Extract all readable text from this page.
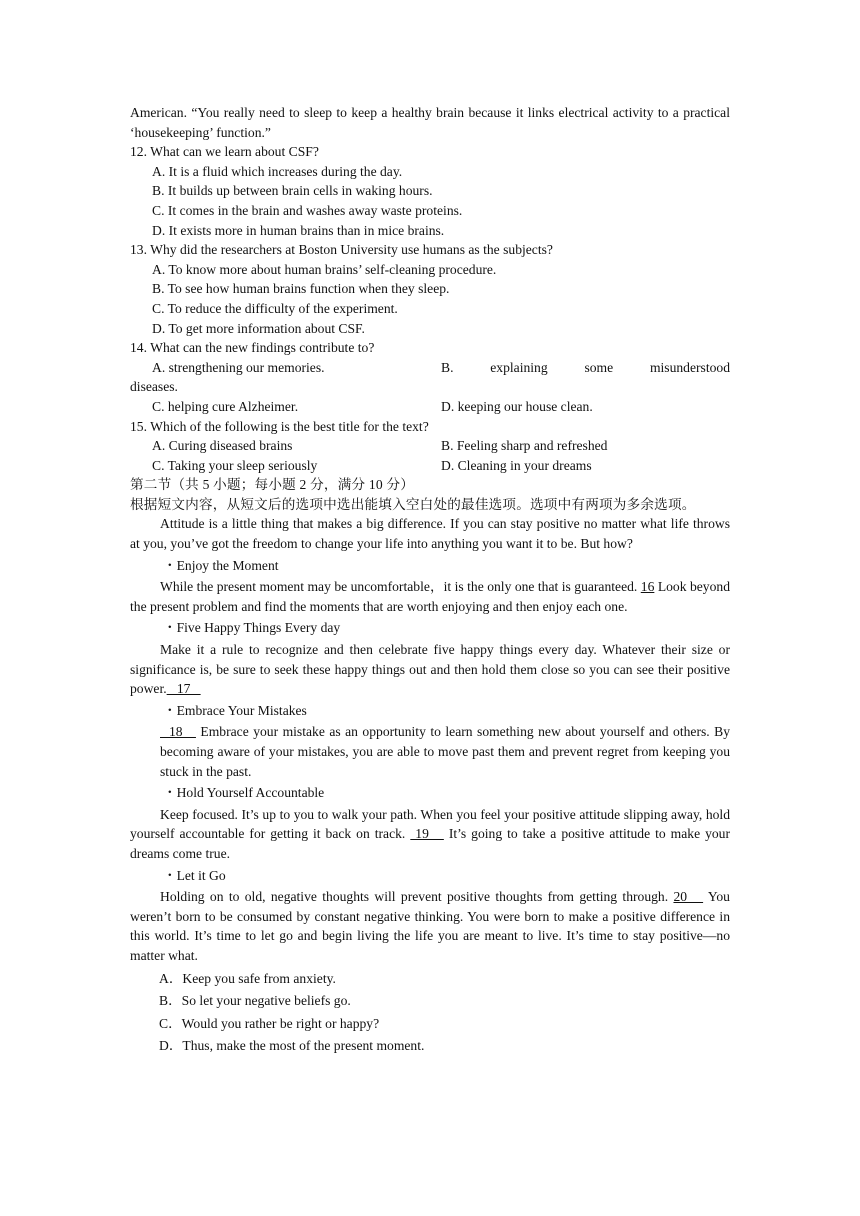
American. “You really need to sleep to keep a healthy brain because it links electrical activity to a practical ‘housekeeping’ function.”

12. What can we learn about CSF?

A. It is a fluid which increases during the day.

B. It builds up between brain cells in waking hours.

C. It comes in the brain and washes away waste proteins.

D. It exists more in human brains than in mice brains.

13. Why did the researchers at Boston University use humans as the subjects?

A. To know more about human brains’ self-cleaning procedure.

B. To see how human brains function when they sleep.

C. To reduce the difficulty of the experiment.

D. To get more information about CSF.

14. What can the new findings contribute to?

A. strengthening our memories.	B. explaining some misunderstood

diseases.

C. helping cure Alzheimer.	D. keeping our house clean.

15. Which of the following is the best title for the text?

A. Curing diseased brains	B. Feeling sharp and refreshed
C. Taking your sleep seriously	D. Cleaning in your dreams

第二节（共 5 小题；每小题 2 分，满分 10 分）

根据短文内容，从短文后的选项中选出能填入空白处的最佳选项。选项中有两项为多余选项。

Attitude is a little thing that makes a big difference. If you can stay positive no matter what life throws at you, you’ve got the freedom to change your life into anything you want it to be. But how?

・Enjoy the Moment

While the present moment may be uncomfortable，it is the only one that is guaranteed. 16 Look beyond the present problem and find the moments that are worth enjoying and then enjoy each one.

・Five Happy Things Every day

Make it a rule to recognize and then celebrate five happy things every day. Whatever their size or significance is, be sure to seek these happy things out and then hold them close so you can see their positive power.   17

・Embrace Your Mistakes

18    Embrace your mistake as an opportunity to learn something new about yourself and others. By becoming aware of your mistakes, you are able to move past them and prevent regret from keeping you stuck in the past.

・Hold Yourself Accountable

Keep focused. It’s up to you to walk your path. When you feel your positive attitude slipping away, hold yourself accountable for getting it back on track.  19    It’s going to take a positive attitude to make your dreams come true.

・Let it Go

Holding on to old, negative thoughts will prevent positive thoughts from getting through. 20    You weren’t born to be consumed by constant negative thinking. You were born to make a positive difference in this world. It’s time to let go and begin living the life you are meant to live. It’s time to stay positive—no matter what.

A．Keep you safe from anxiety.

B．So let your negative beliefs go.

C．Would you rather be right or happy?

D．Thus, make the most of the present moment.
